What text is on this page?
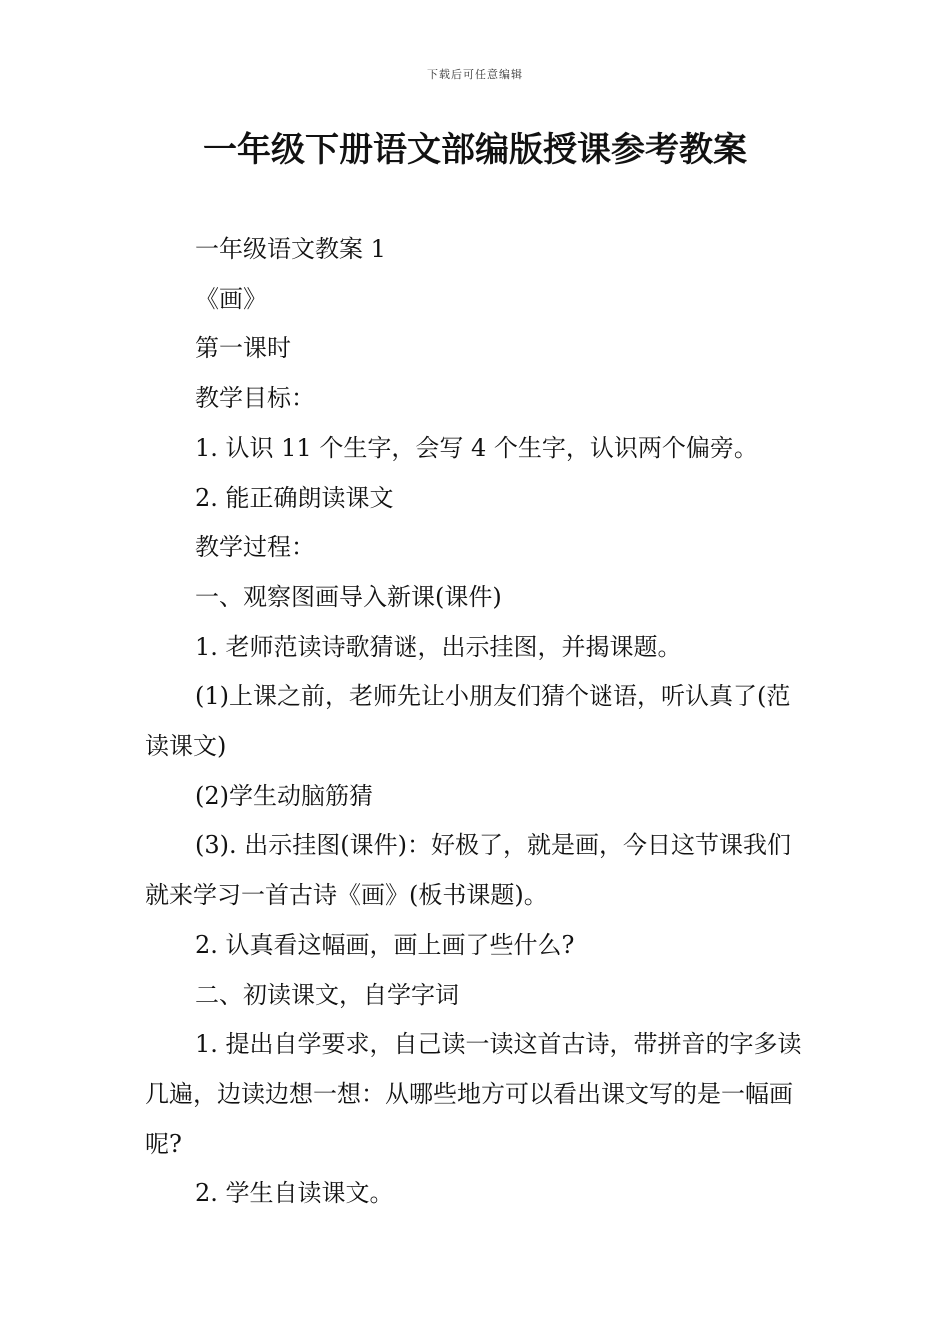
下载后可任意编辑
一年级下册语文部编版授课参考教案

一年级语文教案 1

《画》

第一课时

教学目标：

1. 认识 11 个生字，会写 4 个生字，认识两个偏旁。

2. 能正确朗读课文

教学过程：

一、观察图画导入新课(课件)

1. 老师范读诗歌猜谜，出示挂图，并揭课题。

(1)上课之前，老师先让小朋友们猜个谜语，听认真了(范读课文)

(2)学生动脑筋猜

(3). 出示挂图(课件)：好极了，就是画，今日这节课我们就来学习一首古诗《画》(板书课题)。

2. 认真看这幅画，画上画了些什么?

二、初读课文，自学字词

1. 提出自学要求，自己读一读这首古诗，带拼音的字多读几遍，边读边想一想：从哪些地方可以看出课文写的是一幅画呢?

2. 学生自读课文。
